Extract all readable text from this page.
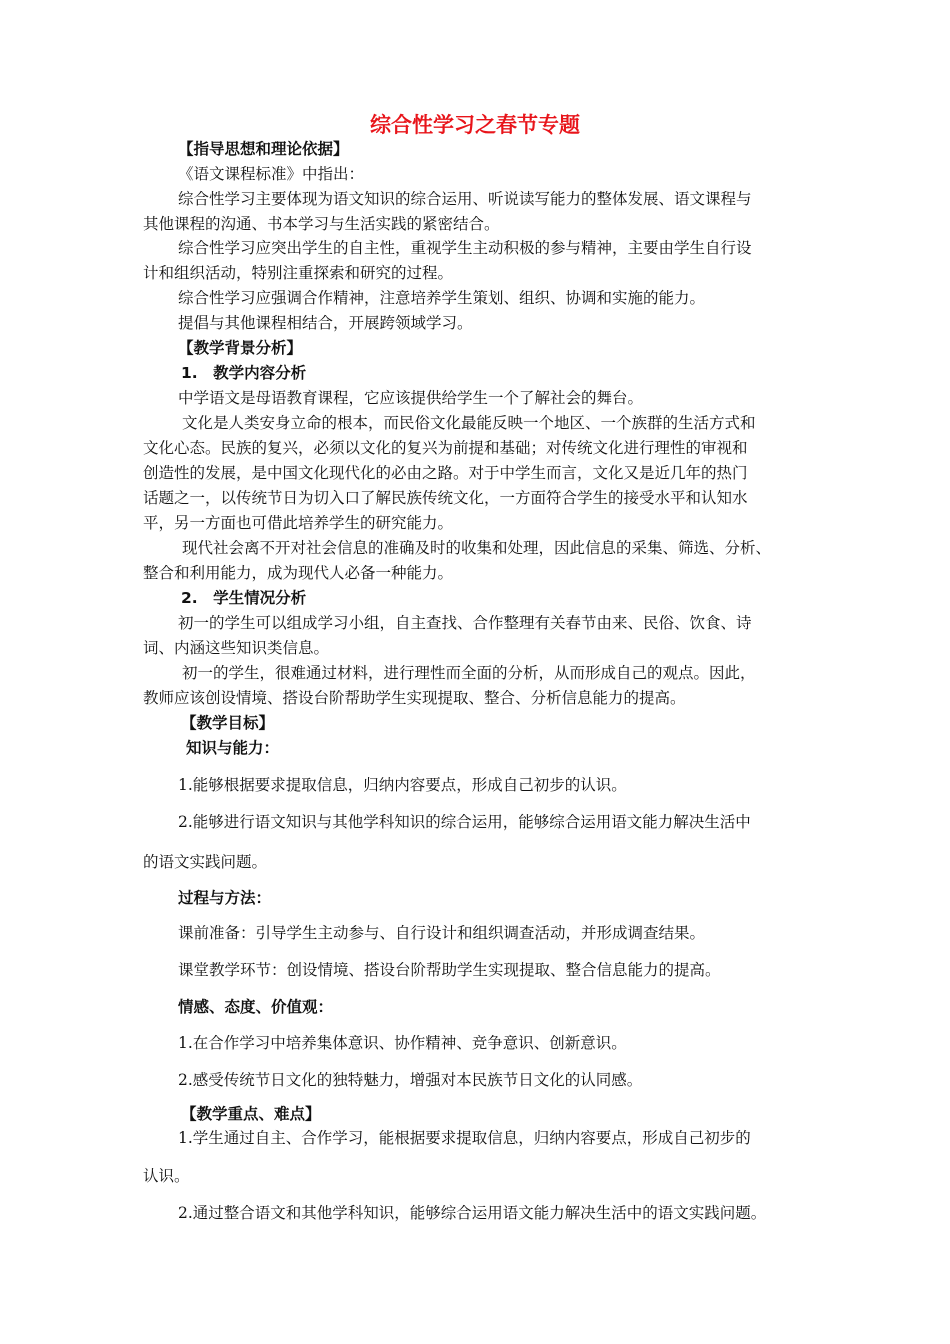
综合性学习之春节专题
【指导思想和理论依据】
《语文课程标准》中指出：
综合性学习主要体现为语文知识的综合运用、听说读写能力的整体发展、语文课程与
其他课程的沟通、书本学习与生活实践的紧密结合。
综合性学习应突出学生的自主性，重视学生主动积极的参与精神，主要由学生自行设
计和组织活动，特别注重探索和研究的过程。
综合性学习应强调合作精神，注意培养学生策划、组织、协调和实施的能力。
提倡与其他课程相结合，开展跨领域学习。
【教学背景分析】
1.　教学内容分析
中学语文是母语教育课程，它应该提供给学生一个了解社会的舞台。
文化是人类安身立命的根本，而民俗文化最能反映一个地区、一个族群的生活方式和
文化心态。民族的复兴，必须以文化的复兴为前提和基础；对传统文化进行理性的审视和
创造性的发展，是中国文化现代化的必由之路。对于中学生而言，文化又是近几年的热门
话题之一，以传统节日为切入口了解民族传统文化，一方面符合学生的接受水平和认知水
平，另一方面也可借此培养学生的研究能力。
现代社会离不开对社会信息的准确及时的收集和处理，因此信息的采集、筛选、分析、
整合和利用能力，成为现代人必备一种能力。
2.　学生情况分析
初一的学生可以组成学习小组，自主查找、合作整理有关春节由来、民俗、饮食、诗
词、内涵这些知识类信息。
初一的学生，很难通过材料，进行理性而全面的分析，从而形成自己的观点。因此，
教师应该创设情境、搭设台阶帮助学生实现提取、整合、分析信息能力的提高。
【教学目标】
知识与能力：
1.能够根据要求提取信息，归纳内容要点，形成自己初步的认识。
2.能够进行语文知识与其他学科知识的综合运用，能够综合运用语文能力解决生活中
的语文实践问题。
过程与方法：
课前准备：引导学生主动参与、自行设计和组织调查活动，并形成调查结果。
课堂教学环节：创设情境、搭设台阶帮助学生实现提取、整合信息能力的提高。
情感、态度、价值观：
1.在合作学习中培养集体意识、协作精神、竞争意识、创新意识。
2.感受传统节日文化的独特魅力，增强对本民族节日文化的认同感。
【教学重点、难点】
1.学生通过自主、合作学习，能根据要求提取信息，归纳内容要点，形成自己初步的
认识。
2.通过整合语文和其他学科知识，能够综合运用语文能力解决生活中的语文实践问题。
